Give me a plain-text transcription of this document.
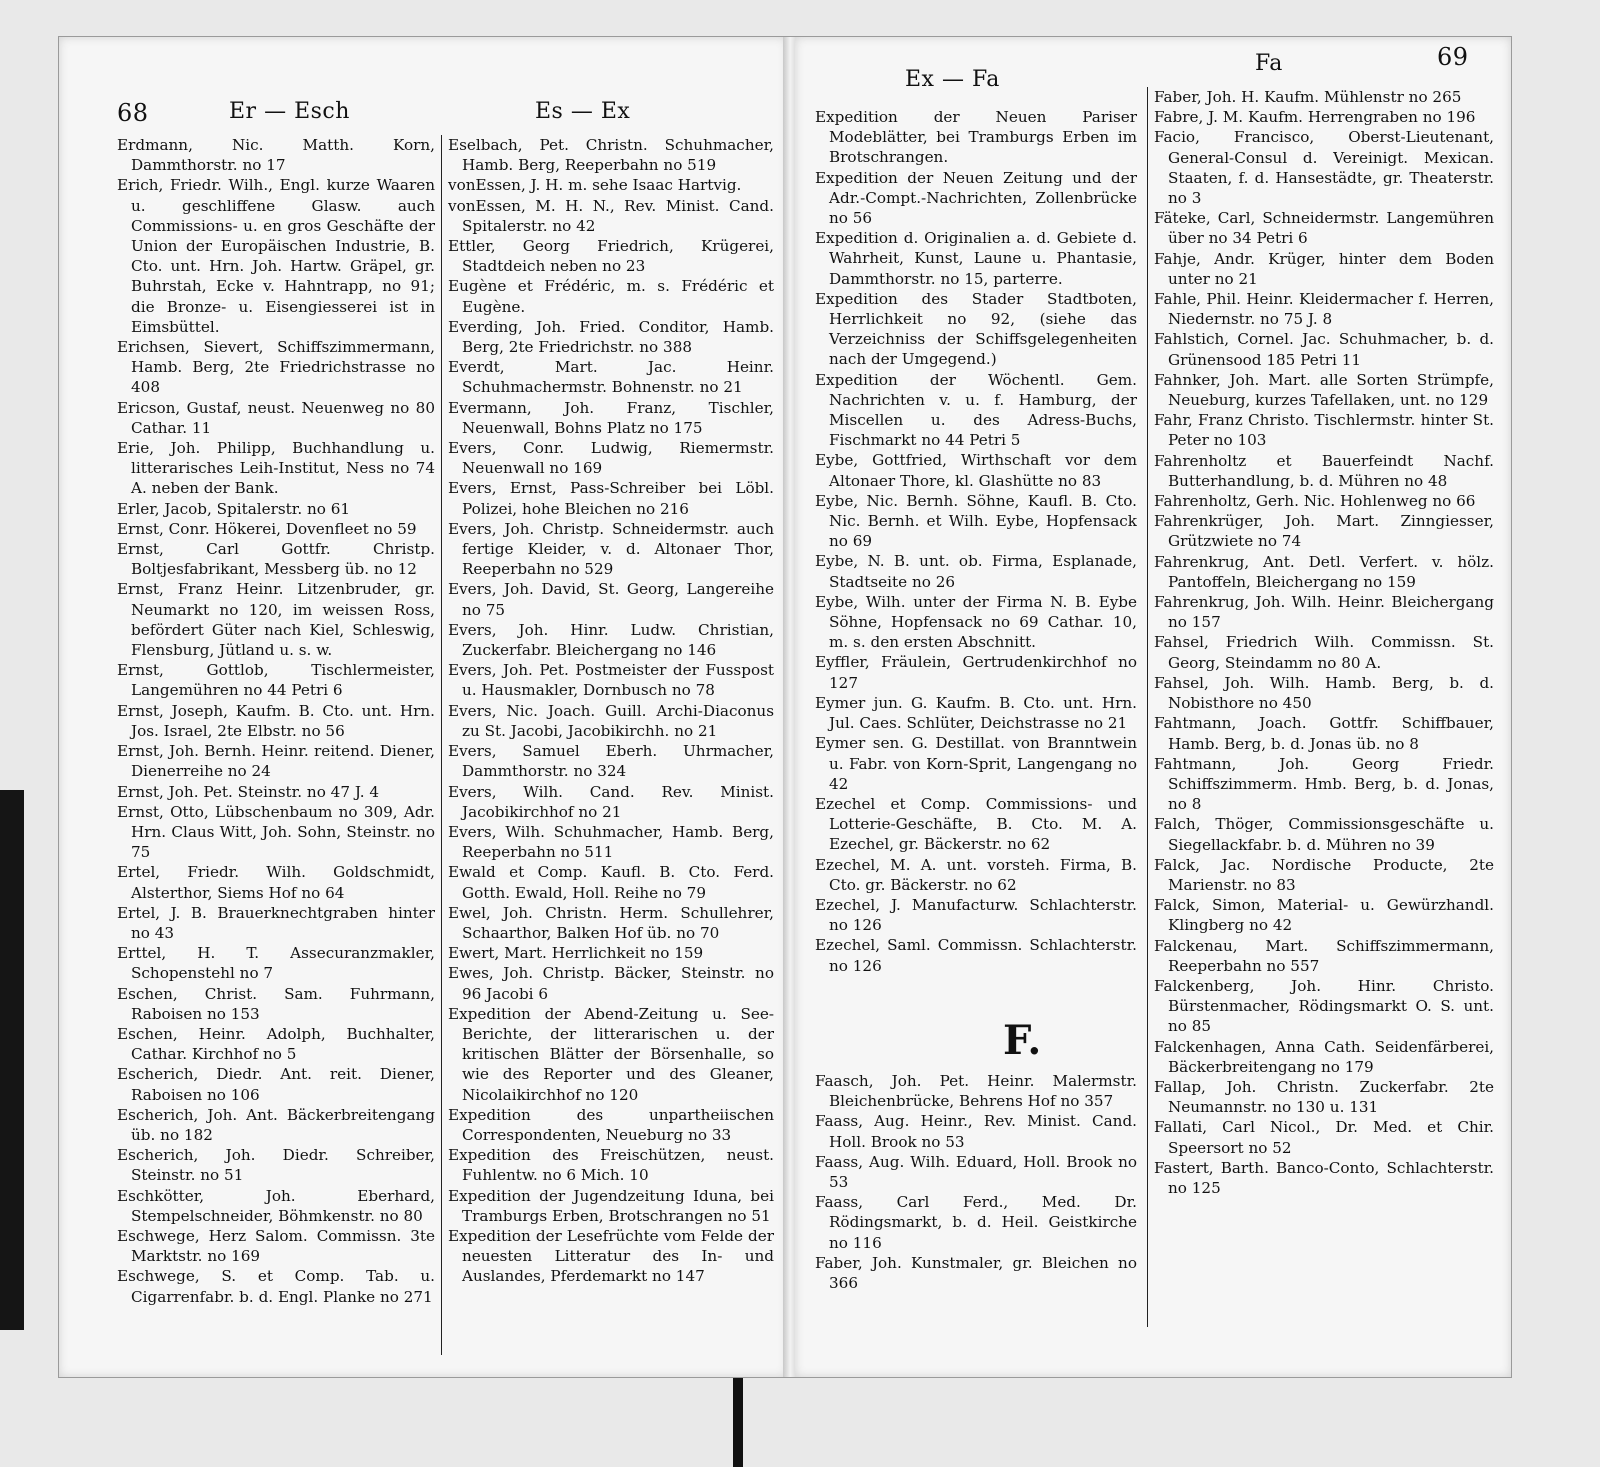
68	Er — Esch	Es — Ex

Erdmann, Nic. Matth. Korn, Dammthorstr. no 17

Erich, Friedr. Wilh., Engl. kurze Waaren u. geschliffene Glasw. auch Commissions- u. en gros Geschäfte der Union der Europäischen Industrie, B. Cto. unt. Hrn. Joh. Hartw. Gräpel, gr. Buhrstah, Ecke v. Hahntrapp, no 91; die Bronze- u. Eisengiesserei ist in Eimsbüttel.

Erichsen, Sievert, Schiffszimmermann, Hamb. Berg, 2te Friedrichstrasse no 408

Ericson, Gustaf, neust. Neuenweg no 80 Cathar. 11

Erie, Joh. Philipp, Buchhandlung u. litterarisches Leih-Institut, Ness no 74 A. neben der Bank.

Erler, Jacob, Spitalerstr. no 61

Ernst, Conr. Hökerei, Dovenfleet no 59

Ernst, Carl Gottfr. Christp. Boltjesfabrikant, Messberg üb. no 12

Ernst, Franz Heinr. Litzenbruder, gr. Neumarkt no 120, im weissen Ross, befördert Güter nach Kiel, Schleswig, Flensburg, Jütland u. s. w.

Ernst, Gottlob, Tischlermeister, Langemühren no 44 Petri 6

Ernst, Joseph, Kaufm. B. Cto. unt. Hrn. Jos. Israel, 2te Elbstr. no 56

Ernst, Joh. Bernh. Heinr. reitend. Diener, Dienerreihe no 24

Ernst, Joh. Pet. Steinstr. no 47 J. 4

Ernst, Otto, Lübschenbaum no 309, Adr. Hrn. Claus Witt, Joh. Sohn, Steinstr. no 75

Ertel, Friedr. Wilh. Goldschmidt, Alsterthor, Siems Hof no 64

Ertel, J. B. Brauerknechtgraben hinter no 43

Erttel, H. T. Assecuranzmakler, Schopenstehl no 7

Eschen, Christ. Sam. Fuhrmann, Raboisen no 153

Eschen, Heinr. Adolph, Buchhalter, Cathar. Kirchhof no 5

Escherich, Diedr. Ant. reit. Diener, Raboisen no 106

Escherich, Joh. Ant. Bäckerbreitengang üb. no 182

Escherich, Joh. Diedr. Schreiber, Steinstr. no 51

Eschkötter, Joh. Eberhard, Stempelschneider, Böhmkenstr. no 80

Eschwege, Herz Salom. Commissn. 3te Marktstr. no 169

Eschwege, S. et Comp. Tab. u. Cigarrenfabr. b. d. Engl. Planke no 271

Eselbach, Pet. Christn. Schuhmacher, Hamb. Berg, Reeperbahn no 519

vonEssen, J. H. m. sehe Isaac Hartvig.

vonEssen, M. H. N., Rev. Minist. Cand. Spitalerstr. no 42

Ettler, Georg Friedrich, Krügerei, Stadtdeich neben no 23

Eugène et Frédéric, m. s. Frédéric et Eugène.

Everding, Joh. Fried. Conditor, Hamb. Berg, 2te Friedrichstr. no 388

Everdt, Mart. Jac. Heinr. Schuhmachermstr. Bohnenstr. no 21

Evermann, Joh. Franz, Tischler, Neuenwall, Bohns Platz no 175

Evers, Conr. Ludwig, Riemermstr. Neuenwall no 169

Evers, Ernst, Pass-Schreiber bei Löbl. Polizei, hohe Bleichen no 216

Evers, Joh. Christp. Schneidermstr. auch fertige Kleider, v. d. Altonaer Thor, Reeperbahn no 529

Evers, Joh. David, St. Georg, Langereihe no 75

Evers, Joh. Hinr. Ludw. Christian, Zuckerfabr. Bleichergang no 146

Evers, Joh. Pet. Postmeister der Fusspost u. Hausmakler, Dornbusch no 78

Evers, Nic. Joach. Guill. Archi-Diaconus zu St. Jacobi, Jacobikirchh. no 21

Evers, Samuel Eberh. Uhrmacher, Dammthorstr. no 324

Evers, Wilh. Cand. Rev. Minist. Jacobikirchhof no 21

Evers, Wilh. Schuhmacher, Hamb. Berg, Reeperbahn no 511

Ewald et Comp. Kaufl. B. Cto. Ferd. Gotth. Ewald, Holl. Reihe no 79

Ewel, Joh. Christn. Herm. Schullehrer, Schaarthor, Balken Hof üb. no 70

Ewert, Mart. Herrlichkeit no 159

Ewes, Joh. Christp. Bäcker, Steinstr. no 96 Jacobi 6

Expedition der Abend-Zeitung u. See-Berichte, der litterarischen u. der kritischen Blätter der Börsenhalle, so wie des Reporter und des Gleaner, Nicolaikirchhof no 120

Expedition des unpartheiischen Correspondenten, Neueburg no 33

Expedition des Freischützen, neust. Fuhlentw. no 6 Mich. 10

Expedition der Jugendzeitung Iduna, bei Tramburgs Erben, Brotschrangen no 51

Expedition der Lesefrüchte vom Felde der neuesten Litteratur des In- und Auslandes, Pferdemarkt no 147

Ex — Fa
Fa	69

Expedition der Neuen Pariser Modeblätter, bei Tramburgs Erben im Brotschrangen.

Expedition der Neuen Zeitung und der Adr.-Compt.-Nachrichten, Zollenbrücke no 56

Expedition d. Originalien a. d. Gebiete d. Wahrheit, Kunst, Laune u. Phantasie, Dammthorstr. no 15, parterre.

Expedition des Stader Stadtboten, Herrlichkeit no 92, (siehe das Verzeichniss der Schiffsgelegenheiten nach der Umgegend.)

Expedition der Wöchentl. Gem. Nachrichten v. u. f. Hamburg, der Miscellen u. des Adress-Buchs, Fischmarkt no 44 Petri 5

Eybe, Gottfried, Wirthschaft vor dem Altonaer Thore, kl. Glashütte no 83

Eybe, Nic. Bernh. Söhne, Kaufl. B. Cto. Nic. Bernh. et Wilh. Eybe, Hopfensack no 69

Eybe, N. B. unt. ob. Firma, Esplanade, Stadtseite no 26

Eybe, Wilh. unter der Firma N. B. Eybe Söhne, Hopfensack no 69 Cathar. 10, m. s. den ersten Abschnitt.

Eyffler, Fräulein, Gertrudenkirchhof no 127

Eymer jun. G. Kaufm. B. Cto. unt. Hrn. Jul. Caes. Schlüter, Deichstrasse no 21

Eymer sen. G. Destillat. von Branntwein u. Fabr. von Korn-Sprit, Langengang no 42

Ezechel et Comp. Commissions- und Lotterie-Geschäfte, B. Cto. M. A. Ezechel, gr. Bäckerstr. no 62

Ezechel, M. A. unt. vorsteh. Firma, B. Cto. gr. Bäckerstr. no 62

Ezechel, J. Manufacturw. Schlachterstr. no 126

Ezechel, Saml. Commissn. Schlachterstr. no 126

F.

Faasch, Joh. Pet. Heinr. Malermstr. Bleichenbrücke, Behrens Hof no 357

Faass, Aug. Heinr., Rev. Minist. Cand. Holl. Brook no 53

Faass, Aug. Wilh. Eduard, Holl. Brook no 53

Faass, Carl Ferd., Med. Dr. Rödingsmarkt, b. d. Heil. Geistkirche no 116

Faber, Joh. Kunstmaler, gr. Bleichen no 366

Faber, Joh. H. Kaufm. Mühlenstr no 265

Fabre, J. M. Kaufm. Herrengraben no 196

Facio, Francisco, Oberst-Lieutenant, General-Consul d. Vereinigt. Mexican. Staaten, f. d. Hansestädte, gr. Theaterstr. no 3

Fäteke, Carl, Schneidermstr. Langemühren über no 34 Petri 6

Fahje, Andr. Krüger, hinter dem Boden unter no 21

Fahle, Phil. Heinr. Kleidermacher f. Herren, Niedernstr. no 75 J. 8

Fahlstich, Cornel. Jac. Schuhmacher, b. d. Grünensood 185 Petri 11

Fahnker, Joh. Mart. alle Sorten Strümpfe, Neueburg, kurzes Tafellaken, unt. no 129

Fahr, Franz Christo. Tischlermstr. hinter St. Peter no 103

Fahrenholtz et Bauerfeindt Nachf. Butterhandlung, b. d. Mühren no 48

Fahrenholtz, Gerh. Nic. Hohlenweg no 66

Fahrenkrüger, Joh. Mart. Zinngiesser, Grützwiete no 74

Fahrenkrug, Ant. Detl. Verfert. v. hölz. Pantoffeln, Bleichergang no 159

Fahrenkrug, Joh. Wilh. Heinr. Bleichergang no 157

Fahsel, Friedrich Wilh. Commissn. St. Georg, Steindamm no 80 A.

Fahsel, Joh. Wilh. Hamb. Berg, b. d. Nobisthore no 450

Fahtmann, Joach. Gottfr. Schiffbauer, Hamb. Berg, b. d. Jonas üb. no 8

Fahtmann, Joh. Georg Friedr. Schiffszimmerm. Hmb. Berg, b. d. Jonas, no 8

Falch, Thöger, Commissionsgeschäfte u. Siegellackfabr. b. d. Mühren no 39

Falck, Jac. Nordische Producte, 2te Marienstr. no 83

Falck, Simon, Material- u. Gewürzhandl. Klingberg no 42

Falckenau, Mart. Schiffszimmermann, Reeperbahn no 557

Falckenberg, Joh. Hinr. Christo. Bürstenmacher, Rödingsmarkt O. S. unt. no 85

Falckenhagen, Anna Cath. Seidenfärberei, Bäckerbreitengang no 179

Fallap, Joh. Christn. Zuckerfabr. 2te Neumannstr. no 130 u. 131

Fallati, Carl Nicol., Dr. Med. et Chir. Speersort no 52

Fastert, Barth. Banco-Conto, Schlachterstr. no 125
